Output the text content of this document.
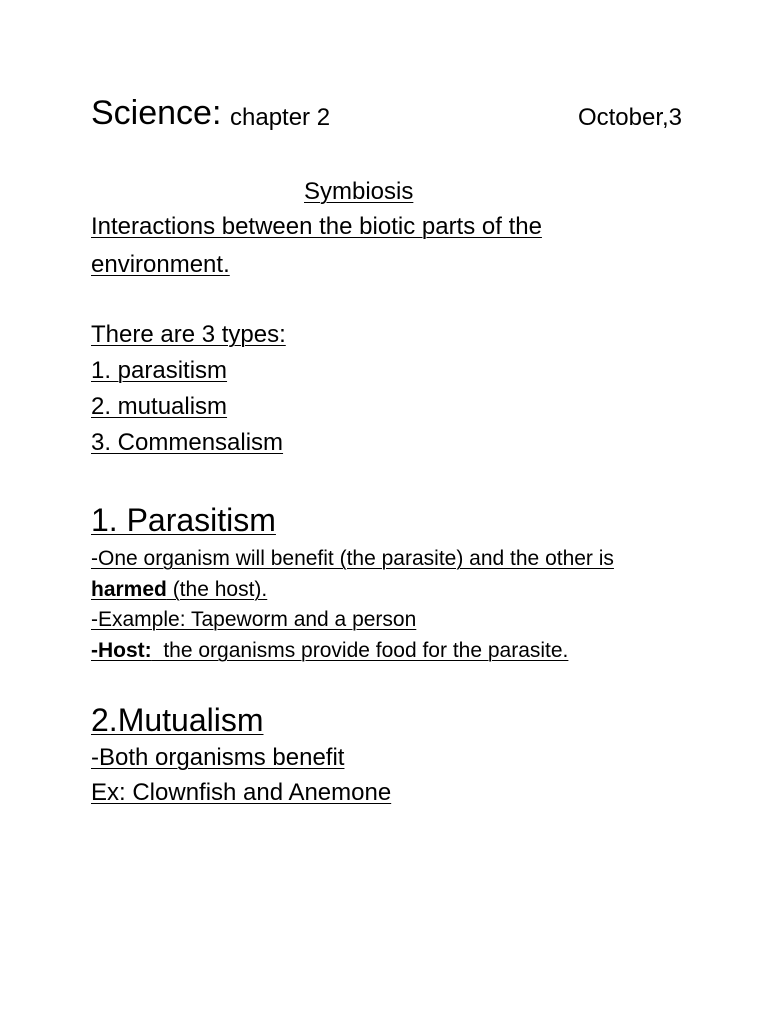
Science: chapter 2	October,3
Symbiosis
Interactions between the biotic parts of the
environment.
There are 3 types:
1. parasitism
2. mutualism
3. Commensalism
1. Parasitism
-One organism will benefit (the parasite) and the other is
harmed (the host).
-Example: Tapeworm and a person
-Host:  the organisms provide food for the parasite.
2.Mutualism
-Both organisms benefit
Ex: Clownfish and Anemone
